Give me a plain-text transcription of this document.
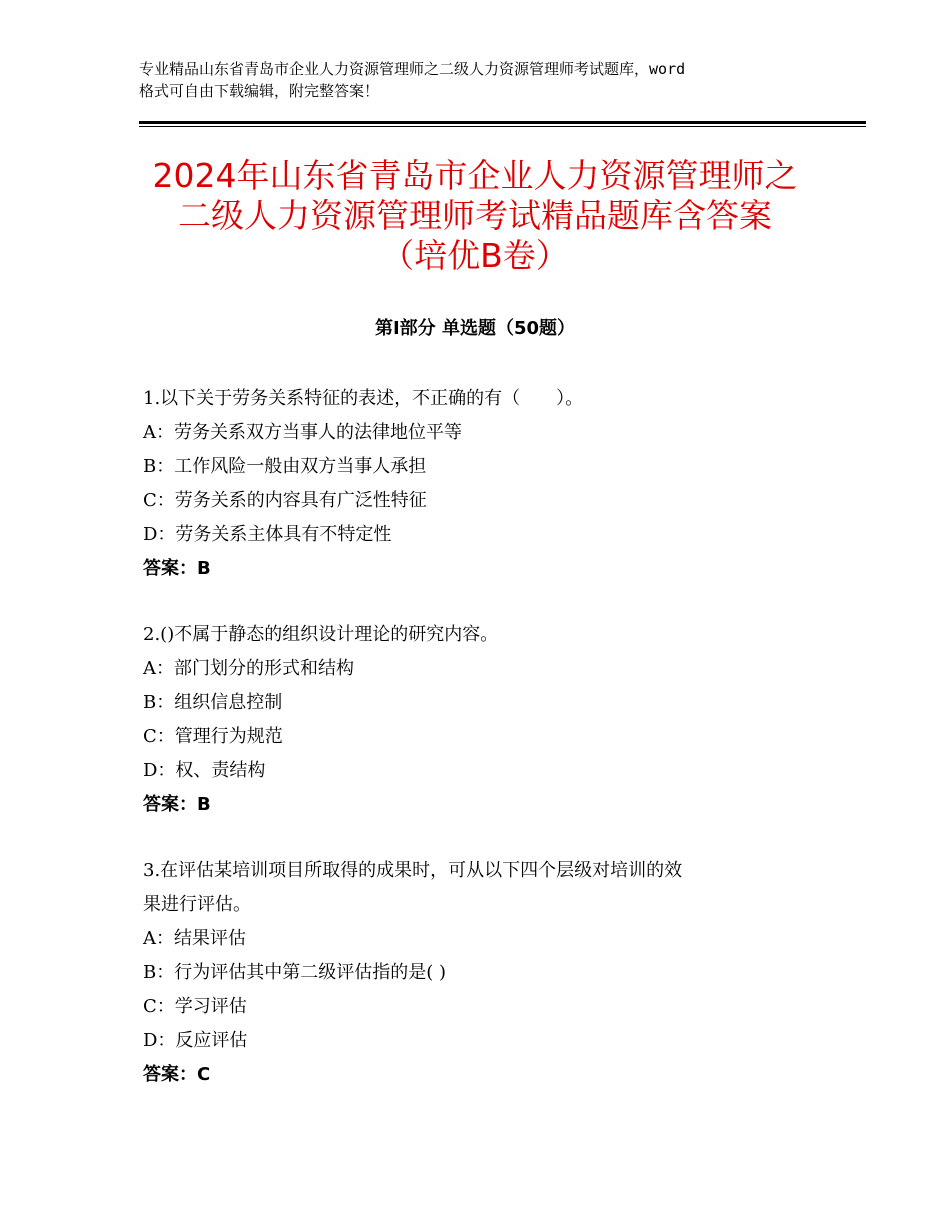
专业精品山东省青岛市企业人力资源管理师之二级人力资源管理师考试题库，word
格式可自由下载编辑，附完整答案！
2024年山东省青岛市企业人力资源管理师之
二级人力资源管理师考试精品题库含答案
（培优B卷）
第Ⅰ部分 单选题（50题）
1.以下关于劳务关系特征的表述，不正确的有（　　）。
A：劳务关系双方当事人的法律地位平等
B：工作风险一般由双方当事人承担
C：劳务关系的内容具有广泛性特征
D：劳务关系主体具有不特定性
答案：B
2.()不属于静态的组织设计理论的研究内容。
A：部门划分的形式和结构
B：组织信息控制
C：管理行为规范
D：权、责结构
答案：B
3.在评估某培训项目所取得的成果时，可从以下四个层级对培训的效
果进行评估。
A：结果评估
B：行为评估其中第二级评估指的是( )
C：学习评估
D：反应评估
答案：C
